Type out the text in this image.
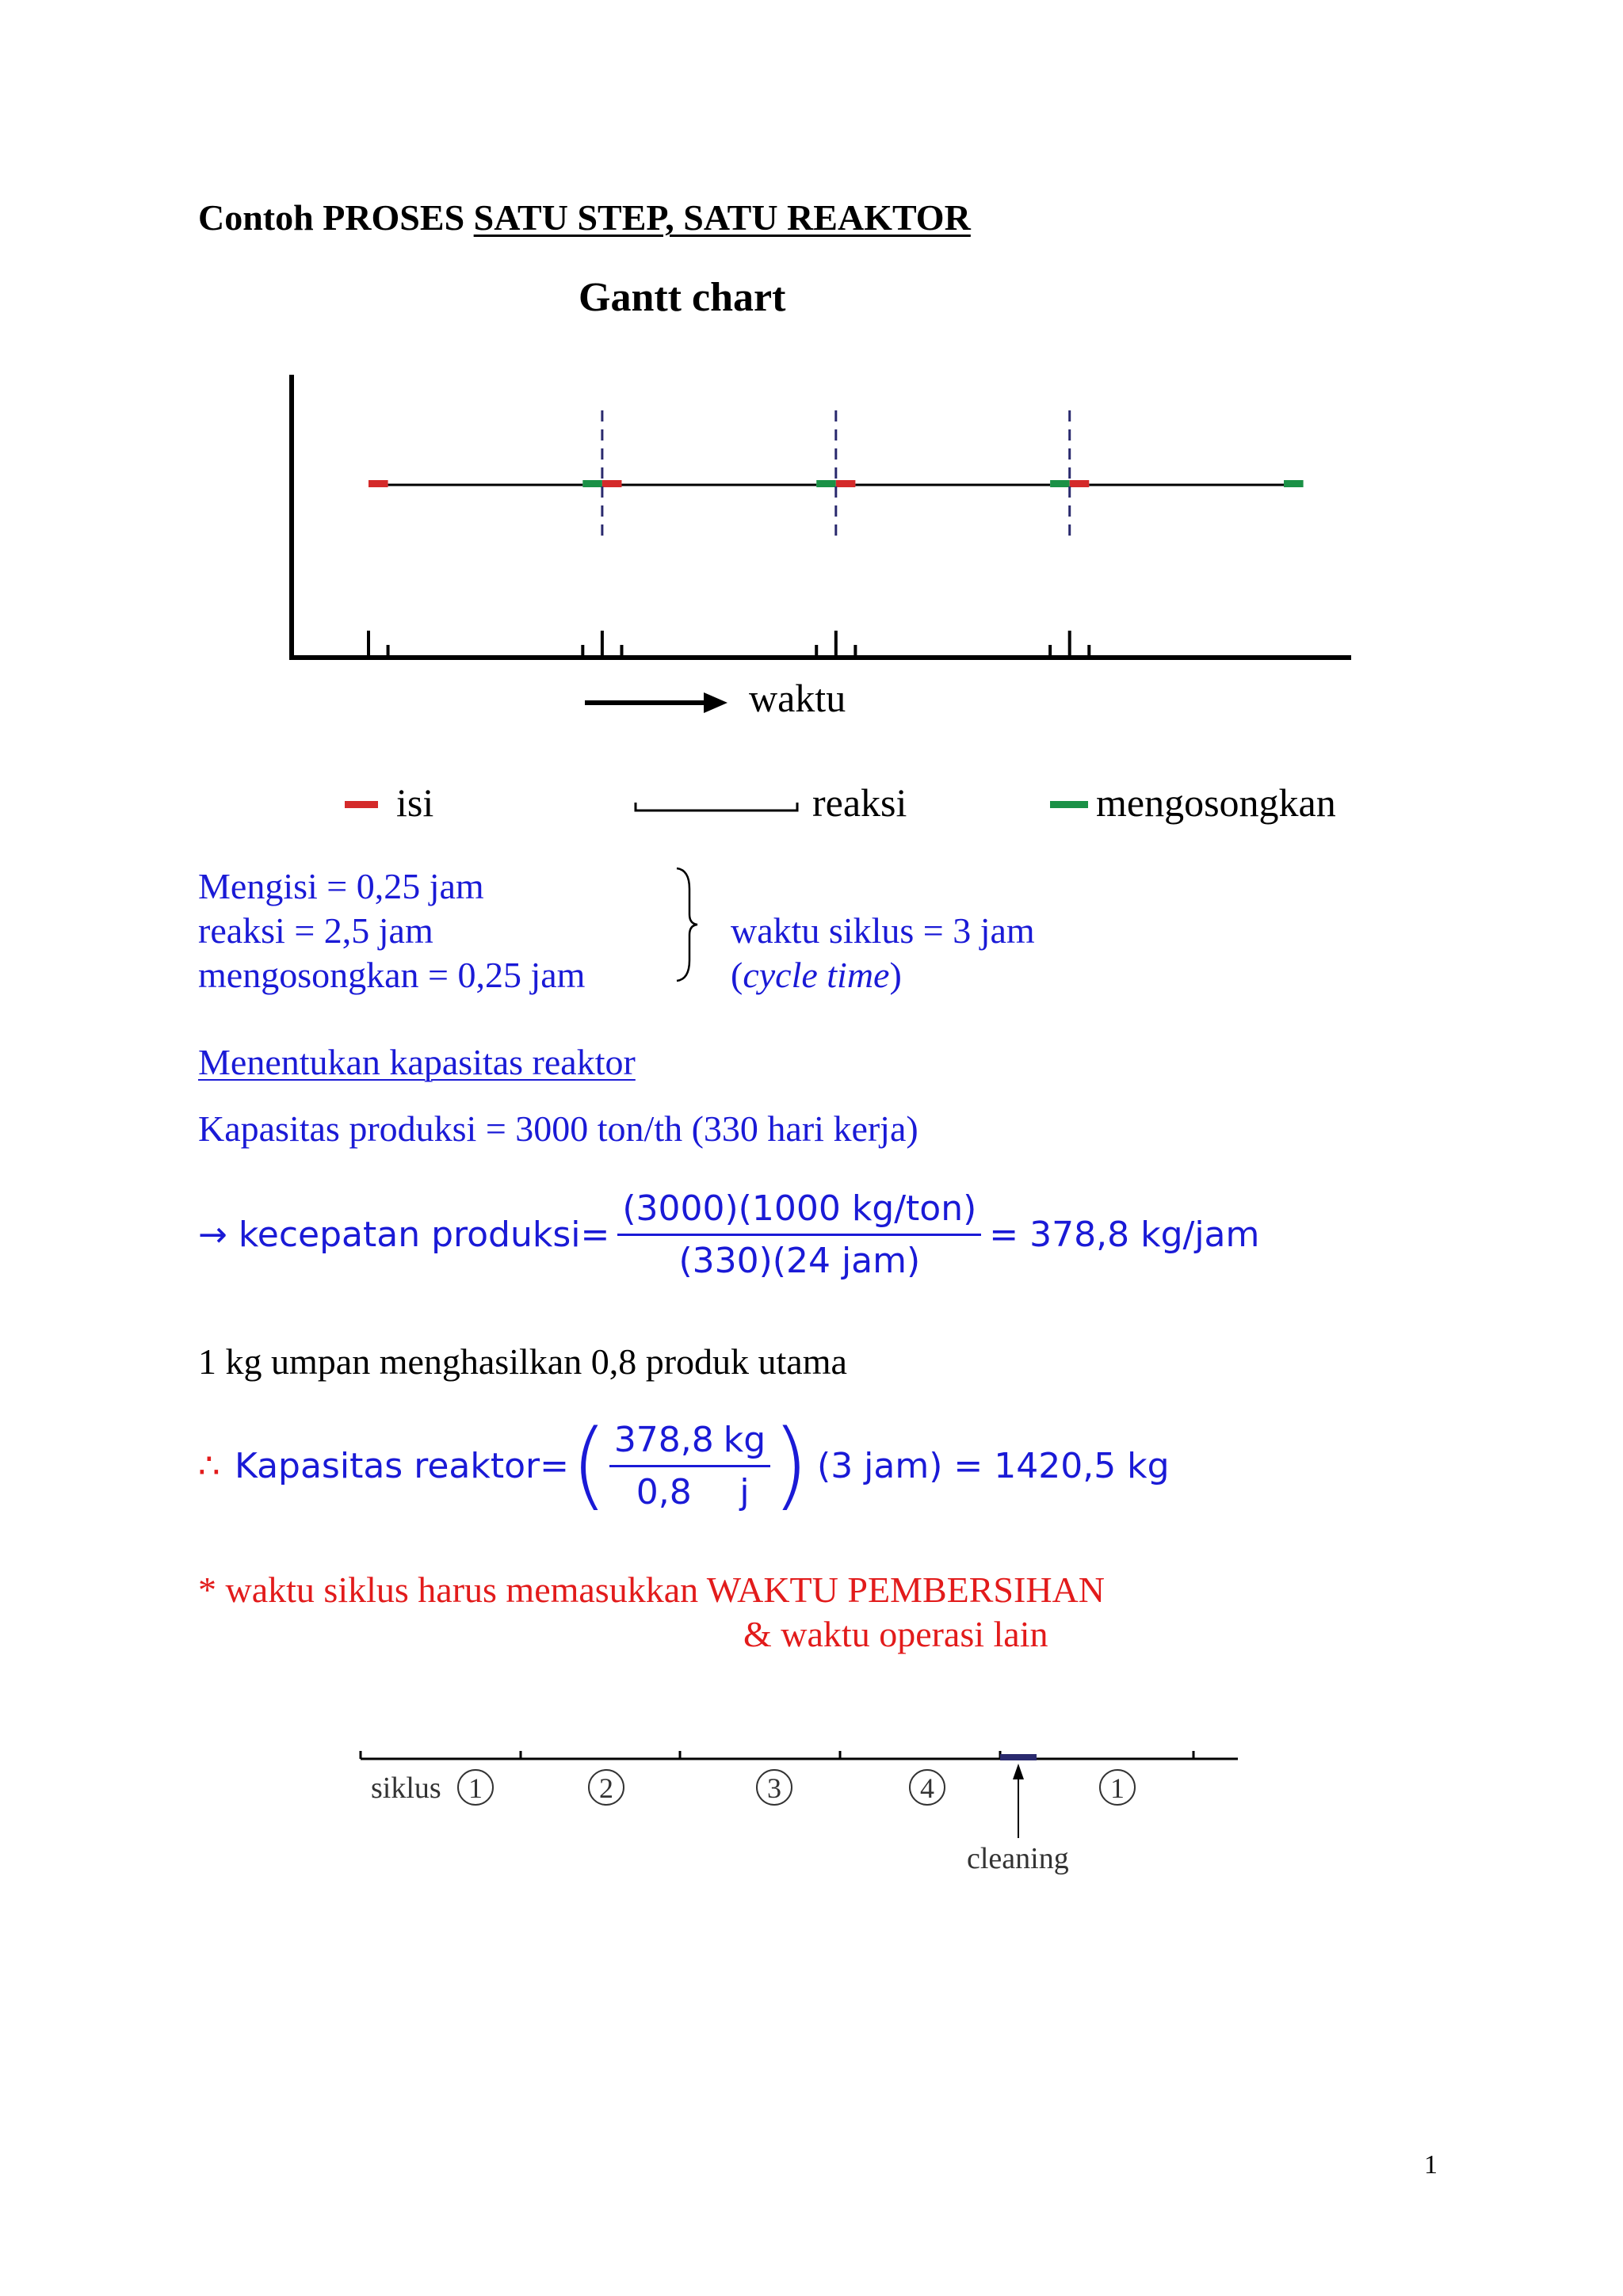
Contoh PROSES SATU STEP, SATU REAKTOR
Gantt chart
waktu
isi	reaksi	mengosongkan
Mengisi = 0,25 jam
reaksi = 2,5 jam
mengosongkan = 0,25 jam
waktu siklus = 3 jam
(cycle time)
Menentukan kapasitas reaktor
Kapasitas produksi = 3000 ton/th (330 hari kerja)
→ kecepatan produksi= $\frac{\text{(3000)(1000 kg/ton)}}{\text{(330)(24 jam)}} = 378,8$ kg/jam
1 kg umpan menghasilkan 0,8 produk utama
∴ Kapasitas reaktor= ( $\frac{378,8}{0,8} \frac{kg}{j}$ ) (3 jam) = 1420,5 kg
* waktu siklus harus memasukkan WAKTU PEMBERSIHAN
& waktu operasi lain
siklus 1	2	3	4	1
cleaning
1
